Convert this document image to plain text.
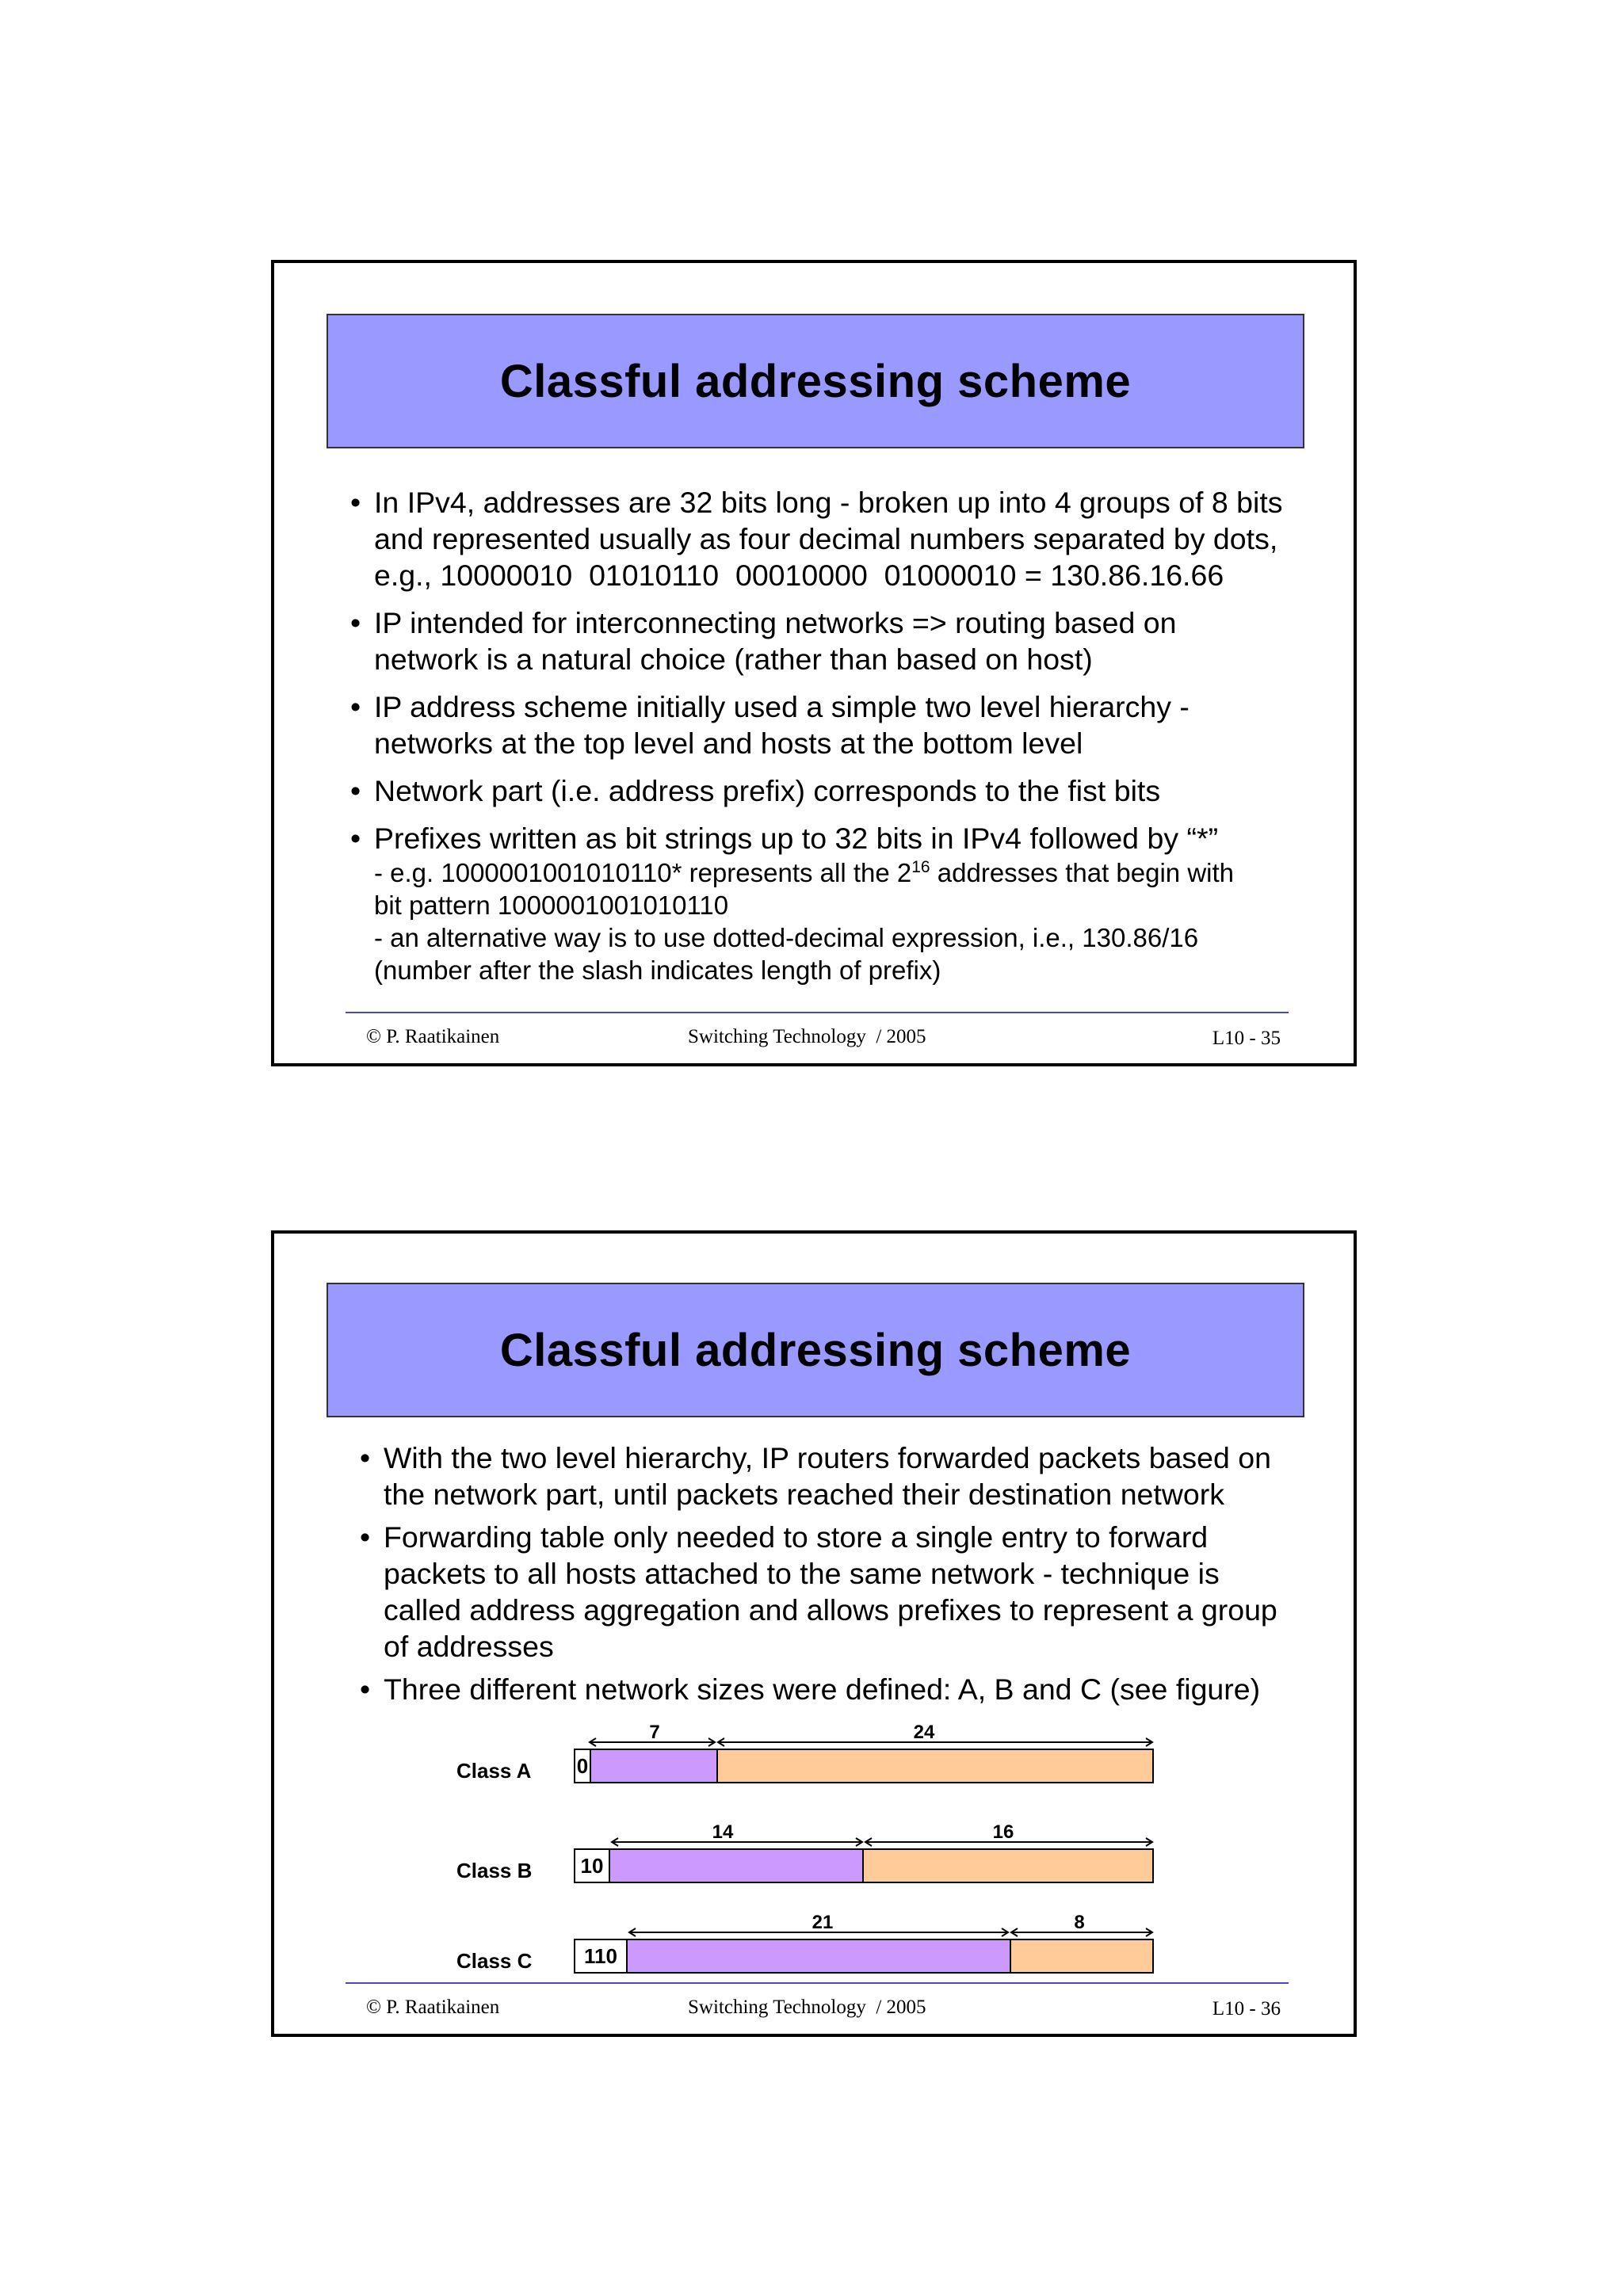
Classful addressing scheme
• In IPv4, addresses are 32 bits long - broken up into 4 groups of 8 bits
and represented usually as four decimal numbers separated by dots,
e.g., 10000010  01010110  00010000  01000010 = 130.86.16.66
• IP intended for interconnecting networks => routing based on
network is a natural choice (rather than based on host)
• IP address scheme initially used a simple two level hierarchy -
networks at the top level and hosts at the bottom level
• Network part (i.e. address prefix) corresponds to the fist bits
• Prefixes written as bit strings up to 32 bits in IPv4 followed by “*”

- e.g. 1000001001010110* represents all the $2^{16}$ addresses that begin with
bit pattern 1000001001010110
- an alternative way is to use dotted-decimal expression, i.e., 130.86/16
(number after the slash indicates length of prefix)
© P. Raatikainen	Switching Technology  / 2005	L10 - 35
Classful addressing scheme
• With the two level hierarchy, IP routers forwarded packets based on
the network part, until packets reached their destination network
• Forwarding table only needed to store a single entry to forward
packets to all hosts attached to the same network - technique is
called address aggregation and allows prefixes to represent a group
of addresses
• Three different network sizes were defined: A, B and C (see figure)
Class A
7	24
0
Class B
14	16
10
Class C
21	8
110
© P. Raatikainen	Switching Technology  / 2005	L10 - 36
